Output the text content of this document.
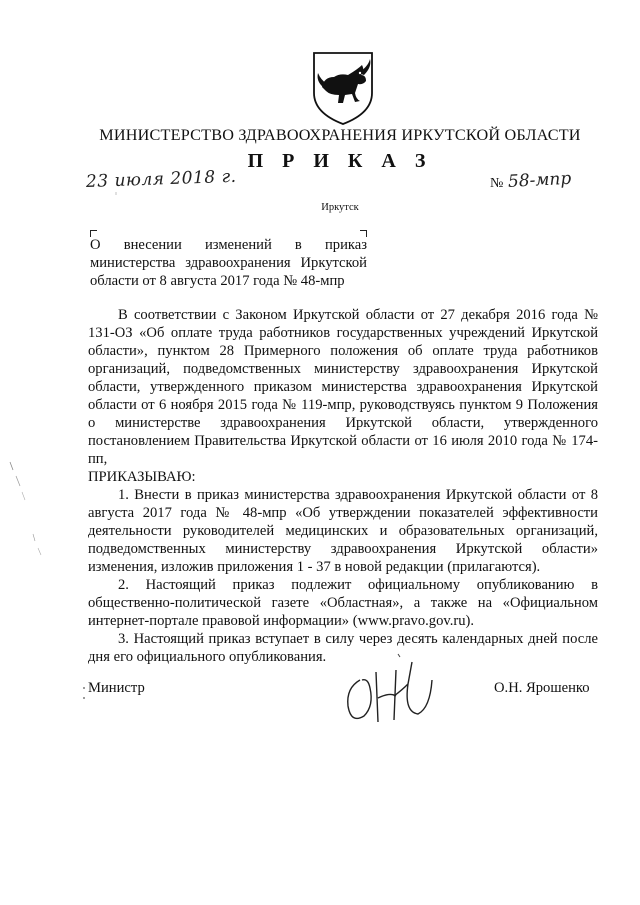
МИНИСТЕРСТВО ЗДРАВООХРАНЕНИЯ ИРКУТСКОЙ ОБЛАСТИ
П Р И К А З
23 июля 2018 г.	№ 58-мпр
Иркутск
О внесении изменений в приказ министерства здравоохранения Иркутской области от 8 августа 2017 года № 48-мпр

В соответствии с Законом Иркутской области от 27 декабря 2016 года № 131-ОЗ «Об оплате труда работников государственных учреждений Иркутской области», пунктом 28 Примерного положения об оплате труда работников организаций, подведомственных министерству здравоохранения Иркутской области, утвержденного приказом министерства здравоохранения Иркутской области от 6 ноября 2015 года № 119-мпр, руководствуясь пунктом 9 Положения о министерстве здравоохранения Иркутской области, утвержденного постановлением Правительства Иркутской области от 16 июля 2010 года № 174-пп,

ПРИКАЗЫВАЮ:

1. Внести в приказ министерства здравоохранения Иркутской области от 8 августа 2017 года № 48-мпр «Об утверждении показателей эффективности деятельности руководителей медицинских и образовательных организаций, подведомственных министерству здравоохранения Иркутской области» изменения, изложив приложения 1 - 37 в новой редакции (прилагаются).

2. Настоящий приказ подлежит официальному опубликованию в общественно-политической газете «Областная», а также на «Официальном интернет-портале правовой информации» (www.pravo.gov.ru).

3. Настоящий приказ вступает в силу через десять календарных дней после дня его официального опубликования.

Министр	О.Н. Ярошенко
